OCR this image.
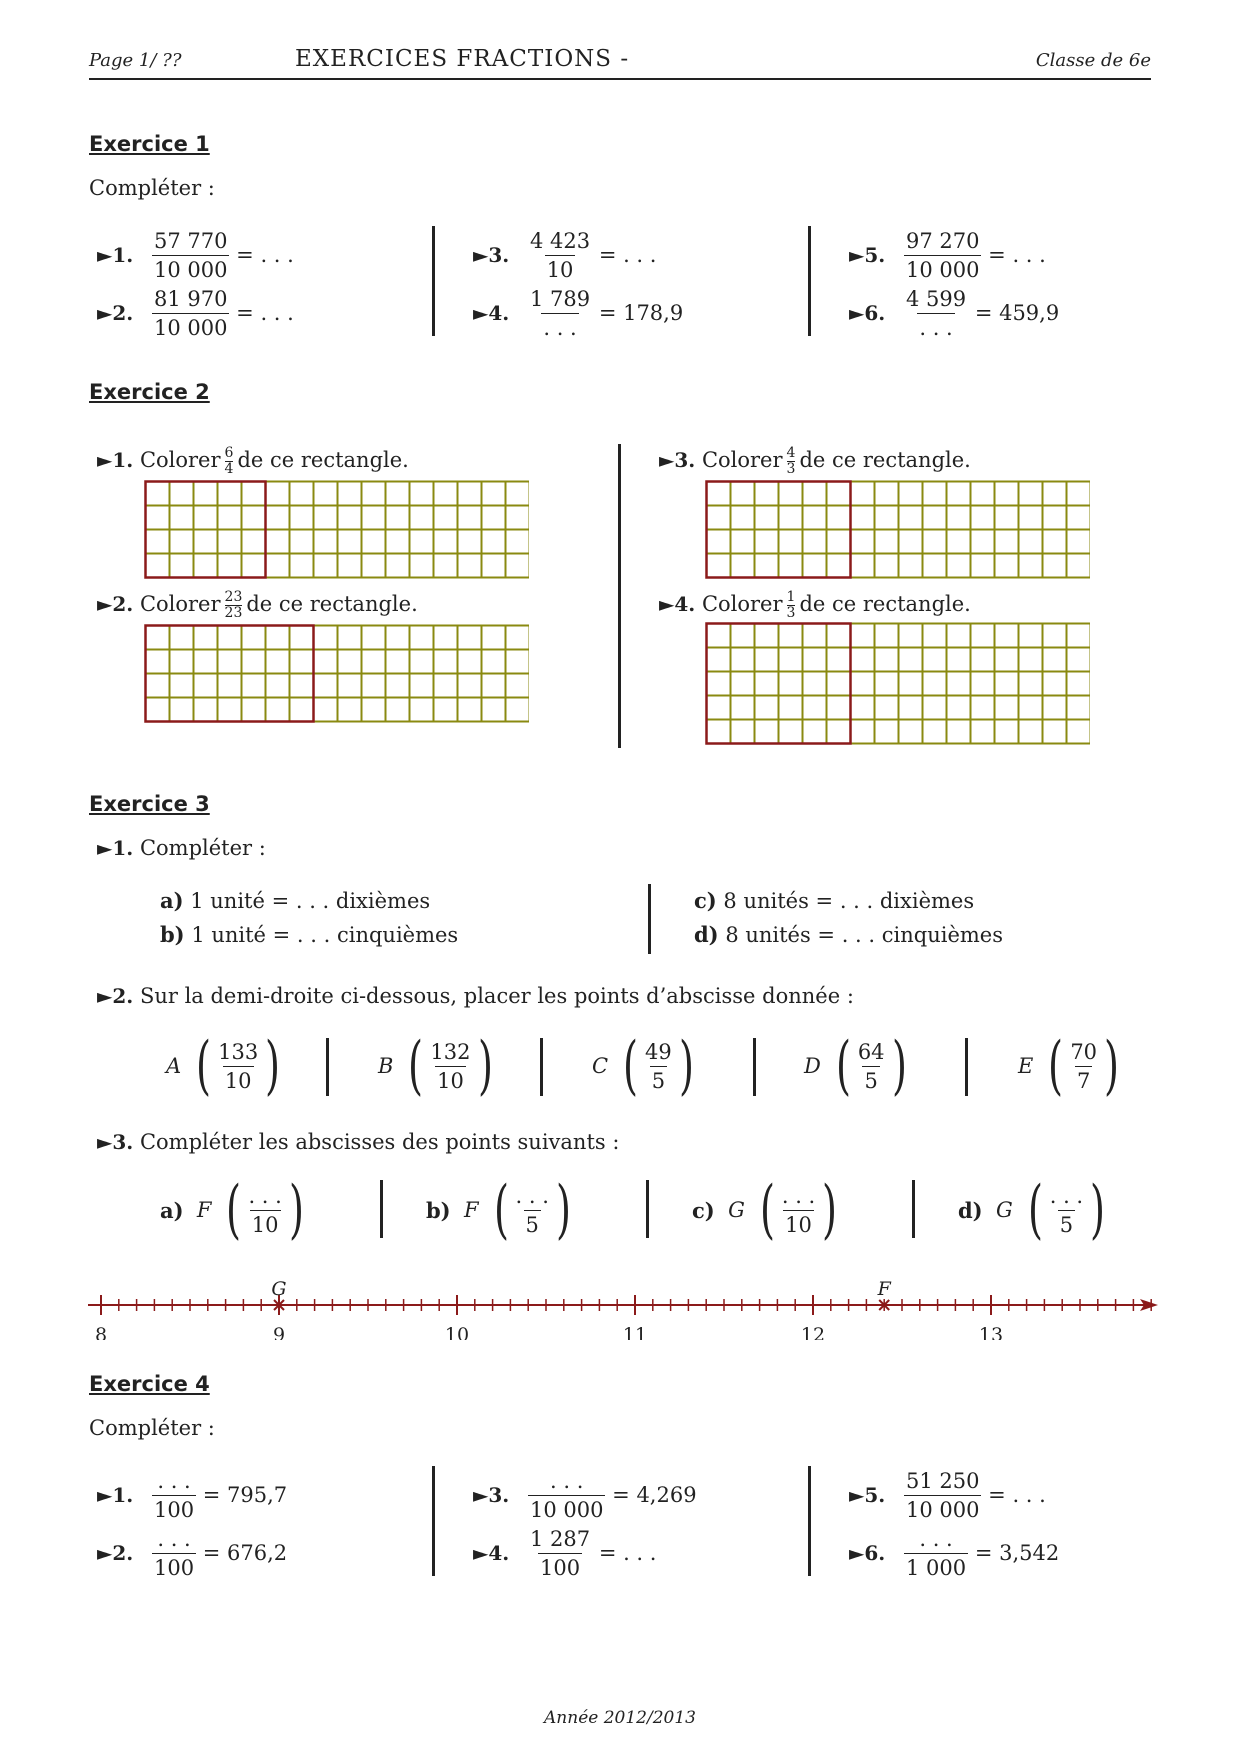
Page 1/ ??	EXERCICES FRACTIONS -	Classe de 6e
Exercice 1
Compléter :
►1. $\frac{57 770}{10 000}$
= . . .
►2. $\frac{81 970}{10 000}$
= . . .
►3. $\frac{4 423}{10}$
= . . .
►4. $\frac{1 789}{. . .}$
= 178,9
►5. $\frac{97 270}{10 000}$
= . . .
►6. $\frac{4 599}{. . .}$
= 459,9
Exercice 2
►1. Colorer $\frac{6}{4}$ de ce rectangle.
►2. Colorer $\frac{23}{23}$ de ce rectangle.
►3. Colorer $\frac{4}{3}$ de ce rectangle.
►4. Colorer $\frac{1}{3}$ de ce rectangle.
Exercice 3
►1. Compléter :
a) 1 unité = . . . dixièmes
b) 1 unité = . . . cinquièmes
c) 8 unités = . . . dixièmes
d) 8 unités = . . . cinquièmes
►2. Sur la demi-droite ci-dessous, placer les points d’abscisse donnée :
A ( $\frac{133}{10}$ )	B ( $\frac{132}{10}$ )	C ( $\frac{49}{5}$ )	D ( $\frac{64}{5}$ )	E ( $\frac{70}{7}$ )
►3. Compléter les abscisses des points suivants :
a)
F ( $\frac{. . .}{10}$ )	b)
F ( $\frac{. . .}{5}$ )	c)
G ( $\frac{. . .}{10}$ )	d)
G ( $\frac{. . .}{5}$ )
8	9	10	11	12	13
G	F
Exercice 4
Compléter :
►1. $\frac{. . .}{100}$
= 795,7
►2. $\frac{. . .}{100}$
= 676,2
►3. $\frac{. . .}{10 000}$
= 4,269
►4. $\frac{1 287}{100}$
= . . .
►5. $\frac{51 250}{10 000}$
= . . .
►6. $\frac{. . .}{1 000}$
= 3,542
Année 2012/2013
